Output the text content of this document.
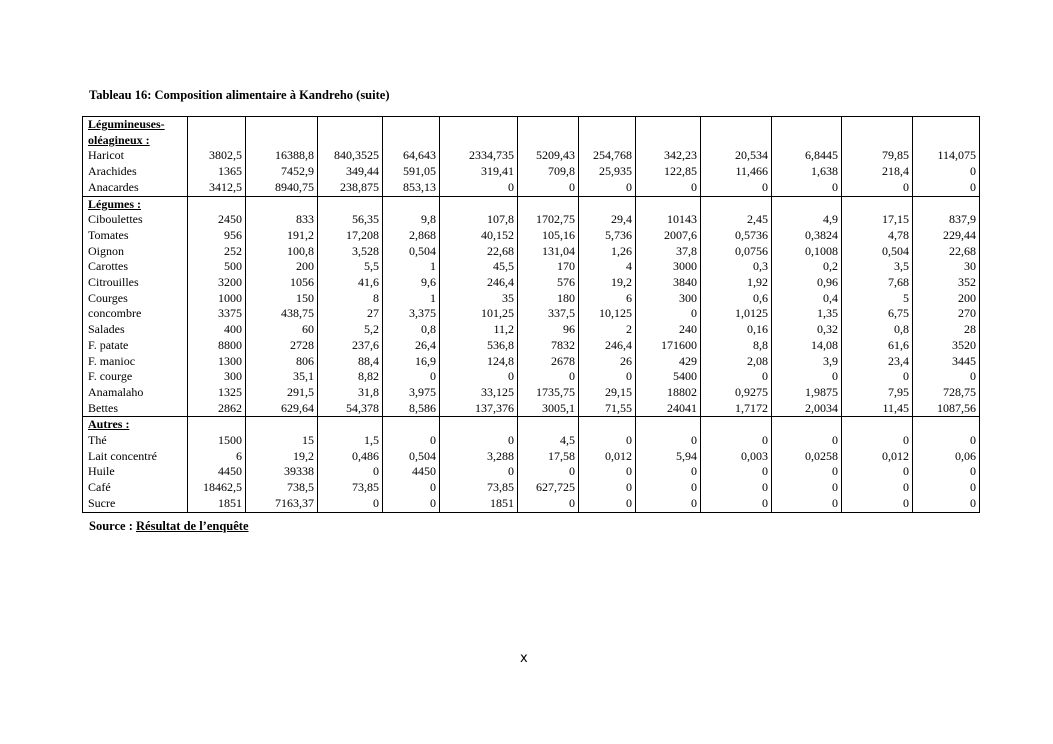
Tableau 16: Composition alimentaire à Kandreho (suite)
Légumineuses-
oléagineux :												

Haricot	3802,5	16388,8	840,3525	64,643	2334,735	5209,43	254,768	342,23	20,534	6,8445	79,85	114,075
Arachides	1365	7452,9	349,44	591,05	319,41	709,8	25,935	122,85	11,466	1,638	218,4	0
Anacardes	3412,5	8940,75	238,875	853,13	0	0	0	0	0	0	0	0

Légumes :												

Ciboulettes	2450	833	56,35	9,8	107,8	1702,75	29,4	10143	2,45	4,9	17,15	837,9
Tomates	956	191,2	17,208	2,868	40,152	105,16	5,736	2007,6	0,5736	0,3824	4,78	229,44
Oignon	252	100,8	3,528	0,504	22,68	131,04	1,26	37,8	0,0756	0,1008	0,504	22,68
Carottes	500	200	5,5	1	45,5	170	4	3000	0,3	0,2	3,5	30
Citrouilles	3200	1056	41,6	9,6	246,4	576	19,2	3840	1,92	0,96	7,68	352
Courges	1000	150	8	1	35	180	6	300	0,6	0,4	5	200
concombre	3375	438,75	27	3,375	101,25	337,5	10,125	0	1,0125	1,35	6,75	270
Salades	400	60	5,2	0,8	11,2	96	2	240	0,16	0,32	0,8	28
F. patate	8800	2728	237,6	26,4	536,8	7832	246,4	171600	8,8	14,08	61,6	3520
F. manioc	1300	806	88,4	16,9	124,8	2678	26	429	2,08	3,9	23,4	3445
F. courge	300	35,1	8,82	0	0	0	0	5400	0	0	0	0
Anamalaho	1325	291,5	31,8	3,975	33,125	1735,75	29,15	18802	0,9275	1,9875	7,95	728,75
Bettes	2862	629,64	54,378	8,586	137,376	3005,1	71,55	24041	1,7172	2,0034	11,45	1087,56

Autres :												

Thé	1500	15	1,5	0	0	4,5	0	0	0	0	0	0
Lait concentré	6	19,2	0,486	0,504	3,288	17,58	0,012	5,94	0,003	0,0258	0,012	0,06
Huile	4450	39338	0	4450	0	0	0	0	0	0	0	0
Café	18462,5	738,5	73,85	0	73,85	627,725	0	0	0	0	0	0
Sucre	1851	7163,37	0	0	1851	0	0	0	0	0	0	0
Source : Résultat de l’enquête
x
